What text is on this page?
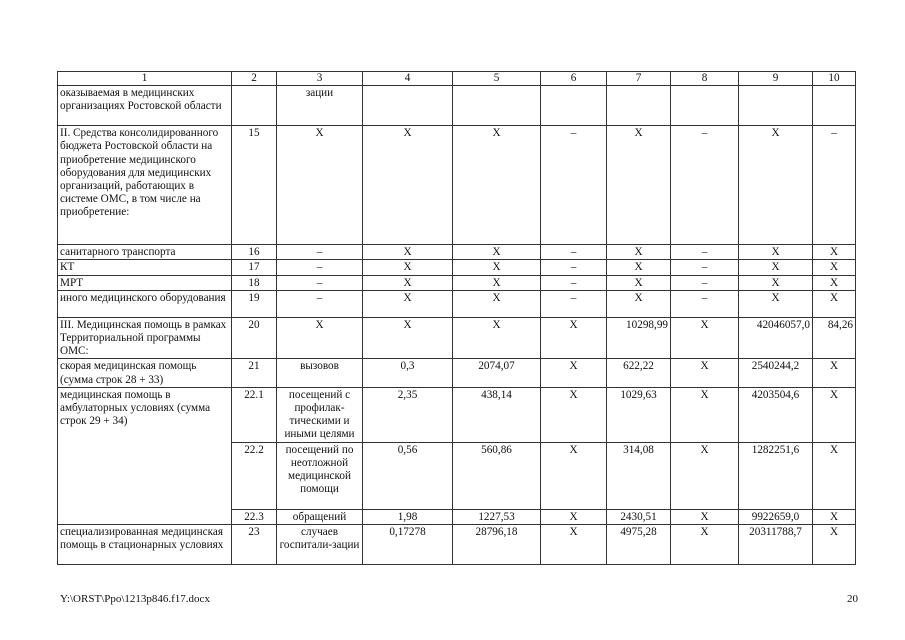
1	2	3	4	5	6	7	8	9	10
оказываемая в медицинских организациях Ростовской области		зации							
II. Средства консолидированного бюджета Ростовской области на приобретение медицинского оборудования для медицинских организаций, работающих в системе ОМС, в том числе на приобретение:	15	Х	Х	Х	–	Х	–	Х	–
санитарного транспорта	16	–	Х	Х	–	Х	–	Х	Х
КТ	17	–	Х	Х	–	Х	–	Х	Х
МРТ	18	–	Х	Х	–	Х	–	Х	Х
иного медицинского оборудования	19	–	Х	Х	–	Х	–	Х	Х
III. Медицинская помощь в рамках Территориальной программы ОМС:	20	Х	Х	Х	Х	10298,99	Х	42046057,0	84,26
скорая медицинская помощь (сумма строк 28 + 33)	21	вызовов	0,3	2074,07	Х	622,22	Х	2540244,2	Х
медицинская помощь в амбулаторных условиях (сумма строк 29 + 34)	22.1	посещений с профилак-тическими и иными целями	2,35	438,14	Х	1029,63	Х	4203504,6	Х
	22.2	посещений по неотложной медицинской помощи	0,56	560,86	Х	314,08	Х	1282251,6	Х
	22.3	обращений	1,98	1227,53	Х	2430,51	Х	9922659,0	Х
специализированная медицинская помощь в стационарных условиях	23	случаев госпитали-зации	0,17278	28796,18	Х	4975,28	Х	20311788,7	Х
Y:\ORST\Ppo\1213p846.f17.docx	20
